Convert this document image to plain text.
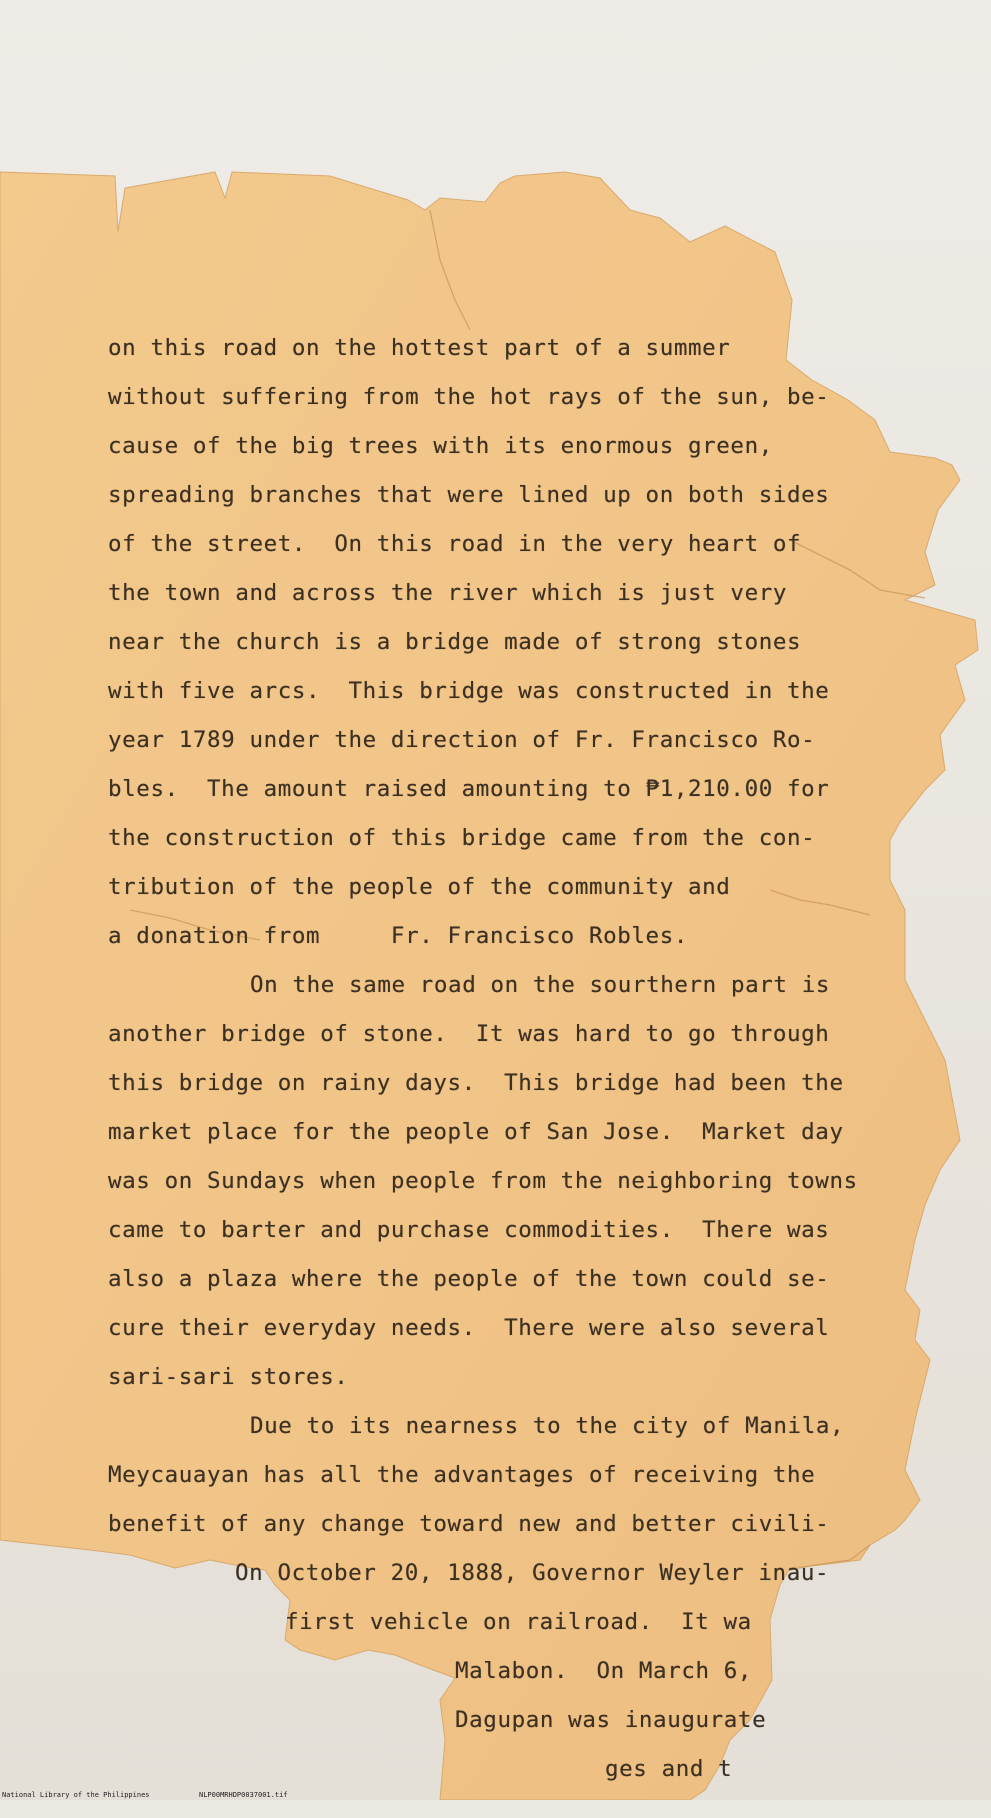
on this road on the hottest part of a summer
without suffering from the hot rays of the sun, be-
cause of the big trees with its enormous green,
spreading branches that were lined up on both sides
of the street.  On this road in the very heart of
the town and across the river which is just very
near the church is a bridge made of strong stones
with five arcs.  This bridge was constructed in the
year 1789 under the direction of Fr. Francisco Ro-
bles.  The amount raised amounting to ₱1,210.00 for
the construction of this bridge came from the con-
tribution of the people of the community and
a donation from     Fr. Francisco Robles.
On the same road on the sourthern part is
another bridge of stone.  It was hard to go through
this bridge on rainy days.  This bridge had been the
market place for the people of San Jose.  Market day
was on Sundays when people from the neighboring towns
came to barter and purchase commodities.  There was
also a plaza where the people of the town could se-
cure their everyday needs.  There were also several
sari-sari stores.
Due to its nearness to the city of Manila,
Meycauayan has all the advantages of receiving the
benefit of any change toward new and better civili-
On October 20, 1888, Governor Weyler inau-
first vehicle on railroad.  It wa
Malabon.  On March 6,
Dagupan was inaugurate
ges and t

National Library of the Philippines

	NLP00MRHDP0037001.tif
